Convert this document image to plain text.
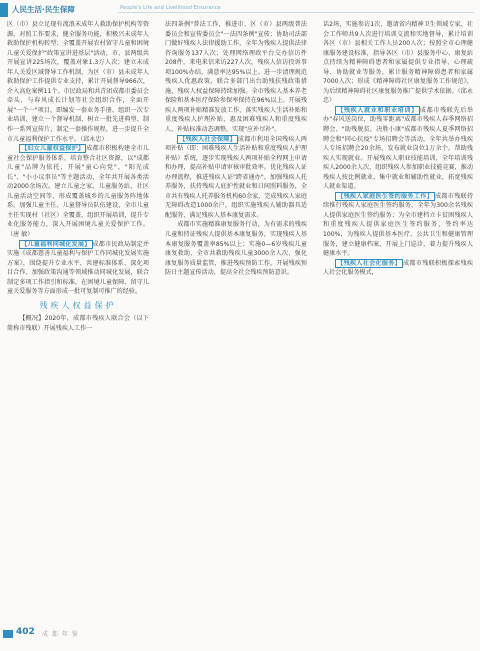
人民生活·民生保障	People's Life and Livelihood Ensurance

区（市）县立足现有流浪未成年人救助保护机构等资源，对照工作要求，健全服务功能，积极兴未成年人救助保护机构转型；全覆盖开展农村留守儿童和困境儿童关爱保护"政策宣讲进基层"活动，市、县两级共开展宣讲225场次，覆盖对象1.3万人次；建立未成年人关爱区域督导工作机制，为区（市）县未成年人救助保护工作提供专业支持，累计开展督导966次，介入高危案例11个。市民政局和共青团成都市委员会牵头，与春风成长计划等社会组织合作，全面开展"一个一"项目，即编发一套业务手册、组织一次专业培训、建立一个督导机制、树立一批先进典型、制作一系列宣传片，制定一套操作规程，进一步提升全市儿童福利保护工作水平。（邱永忠）

【妇女儿童权益保护】 成都市积极构建全市儿童社会保护服务体系，培育整合社区资源，以"成都儿童"品牌为依托，开展"童心向党"、"阳光成长"、"小小议事员"等主题活动，全年共开展各类活动2000余场次。建立儿童之家、儿童服务站、社区儿童活动空间等，形成覆盖城乡的儿童服务阵地体系。加强儿童主任、儿童督导员队伍建设，全市儿童主任实现村（社区）全覆盖，组织开展培训，提升专业化服务能力，深入开展困境儿童关爱保护工作。（唐 敏）

【儿童福利同城化发展】 成都市民政局制定并实施《成都慈善儿童福利与保护工作同城化发展实施方案》，围绕提升专业水平、共建标准体系、深化项目合作、加强政策沟通等领域推动同城化发展，联合制定多项工作指引和标准，在困境儿童保障、留守儿童关爱服务等方面形成一批可复制可推广的经验。

残疾人权益保护

【概况】2020年，成都市残疾人联合会（以下简称市残联）开展残疾人工作一

法四条例"普法工作，推进市、区（市）县两级普法委员会和宣传委员会"一法四条例"宣传；协助司法部门做好残疾人法律援助工作，全年为残疾人提供法律咨询服务137人次；处理网络理政平台交办信访件208件，来电来信来访227人次，残疾人信访投诉事项100%办结，满意率达95%以上。进一步清理规范残疾人优惠政策，联合多部门出台助残扶残政策措施，残疾人权益保障持续加强。全市残疾人基本养老保险和基本医疗保险参保率保持在96%以上。开展残疾人两项补贴精准发放工作，落实残疾人生活补贴和重度残疾人护理补贴，惠及困难残疾人和重度残疾人，补贴标准动态调整，实现"应补尽补"。

【残疾人社会保障】 成都市利用全国残疾人两项补贴（即：困难残疾人生活补贴和重度残疾人护理补贴）系统，逐步实现残疾人两项补贴全程网上申请和办理，提高补贴申请审核审批效率。优化残疾人证办理流程，推进残疾人证"跨省通办"。加强残疾人托养服务，扶持残疾人庇护性就业和日间照料服务，全市共有残疾人托养服务机构60余家，完成残疾人家庭无障碍改造1000余户，组织实施残疾人辅助器具适配服务，满足残疾人基本康复需求。

成都市实施精准康复服务行动，为有需求的残疾儿童和持证残疾人提供基本康复服务，实现残疾人基本康复服务覆盖率85%以上；实施0—6岁残疾儿童康复救助，全市共救助残疾儿童3000余人次，强化康复服务质量监管，推进残疾预防工作，开展残疾预防日主题宣传活动，提高全社会残疾预防意识。

话2场，实施参访1次，邀请省内精神卫生领域专家、社会工作师共9人次进行培训交流和实地督导，累计培训各区（市）县相关工作人员200人次；按照全市心理健康服务建设标准，指导各区（市）县服务中心、康复站点持续为精神障碍患者和家属提供专业指导、心理疏导、协助就业等服务，累计服务精神障碍患者和家属7000人次；形成《精神障碍社区康复服务工作规范》，为后续精神障碍社区康复服务推广提供学术依据。（邱永忠）

【残疾人就业和职业培训】 成都市残联先后举办"春风送岗位，助残零距离"成都市残疾人春季网络招聘会、"助残脱贫，决胜小康"成都市残疾人夏季网络招聘会和"同心抗疫"专场招聘会等活动，全年共举办残疾人专场招聘会20余场，发布就业岗位1万余个，帮助残疾人实现就业。开展残疾人职业技能培训，全年培训残疾人2000余人次，组织残疾人参加职业技能竞赛，推动残疾人按比例就业、集中就业和辅助性就业，拓宽残疾人就业渠道。

【残疾人家庭医生签约服务工作】 成都市残联持续推行残疾人家庭医生签约服务，全年为300余名残疾人提供家庭医生签约服务；为全市建档立卡贫困残疾人和重度残疾人提供家庭医生签约服务，签约率达100%，为残疾人提供基本医疗、公共卫生和健康管理服务，建立健康档案，开展上门巡诊，着力提升残疾人健康水平。

【残疾人社会化服务】 成都市残联积极探索残疾人社会化服务模式，

402 成 都 年 鉴
